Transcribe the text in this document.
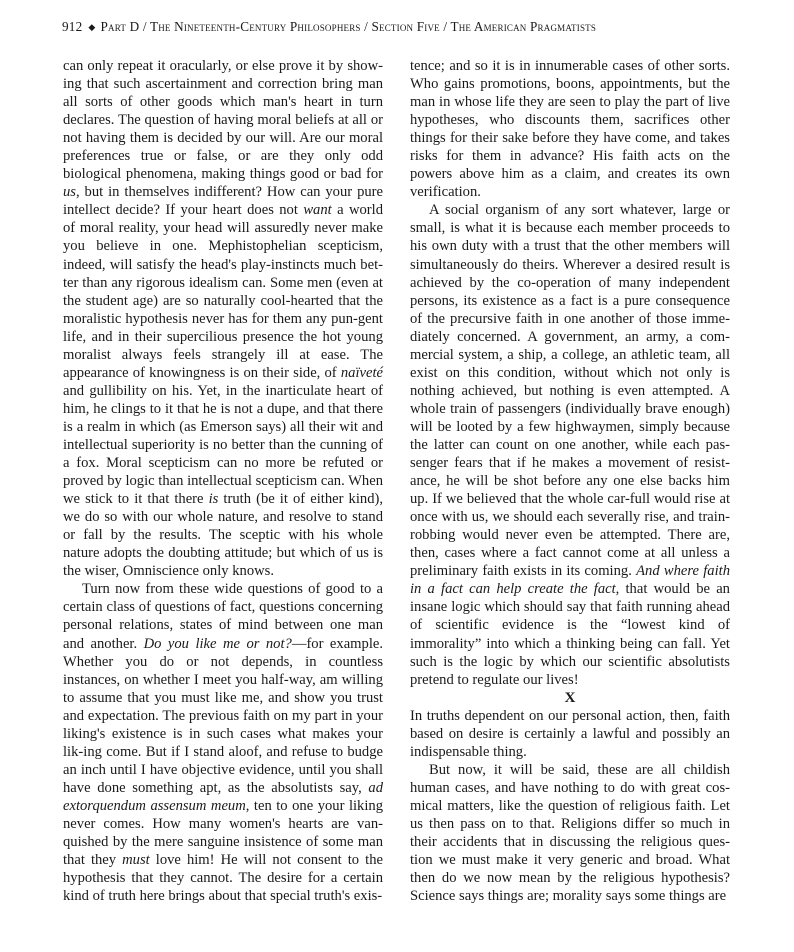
912 ◆ Part D / The Nineteenth-Century Philosophers / Section Five / The American Pragmatists

can only repeat it oracularly, or else prove it by show-ing that such ascertainment and correction bring man all sorts of other goods which man's heart in turn declares. The question of having moral beliefs at all or not having them is decided by our will. Are our moral preferences true or false, or are they only odd biological phenomena, making things good or bad for us, but in themselves indifferent? How can your pure intellect decide? If your heart does not want a world of moral reality, your head will assuredly never make you believe in one. Mephistophelian scepticism, indeed, will satisfy the head's play-instincts much bet-ter than any rigorous idealism can. Some men (even at the student age) are so naturally cool-hearted that the moralistic hypothesis never has for them any pun-gent life, and in their supercilious presence the hot young moralist always feels strangely ill at ease. The appearance of knowingness is on their side, of naïveté and gullibility on his. Yet, in the inarticulate heart of him, he clings to it that he is not a dupe, and that there is a realm in which (as Emerson says) all their wit and intellectual superiority is no better than the cunning of a fox. Moral scepticism can no more be refuted or proved by logic than intellectual scepticism can. When we stick to it that there is truth (be it of either kind), we do so with our whole nature, and resolve to stand or fall by the results. The sceptic with his whole nature adopts the doubting attitude; but which of us is the wiser, Omniscience only knows.

Turn now from these wide questions of good to a certain class of questions of fact, questions concerning personal relations, states of mind between one man and another. Do you like me or not?—for example. Whether you do or not depends, in countless instances, on whether I meet you half-way, am willing to assume that you must like me, and show you trust and expectation. The previous faith on my part in your liking's existence is in such cases what makes your lik-ing come. But if I stand aloof, and refuse to budge an inch until I have objective evidence, until you shall have done something apt, as the absolutists say, ad extorquendum assensum meum, ten to one your liking never comes. How many women's hearts are van-quished by the mere sanguine insistence of some man that they must love him! He will not consent to the hypothesis that they cannot. The desire for a certain kind of truth here brings about that special truth's exis-

tence; and so it is in innumerable cases of other sorts. Who gains promotions, boons, appointments, but the man in whose life they are seen to play the part of live hypotheses, who discounts them, sacrifices other things for their sake before they have come, and takes risks for them in advance? His faith acts on the powers above him as a claim, and creates its own verification.

A social organism of any sort whatever, large or small, is what it is because each member proceeds to his own duty with a trust that the other members will simultaneously do theirs. Wherever a desired result is achieved by the co-operation of many independent persons, its existence as a fact is a pure consequence of the precursive faith in one another of those imme-diately concerned. A government, an army, a com-mercial system, a ship, a college, an athletic team, all exist on this condition, without which not only is nothing achieved, but nothing is even attempted. A whole train of passengers (individually brave enough) will be looted by a few highwaymen, simply because the latter can count on one another, while each pas-senger fears that if he makes a movement of resist-ance, he will be shot before any one else backs him up. If we believed that the whole car-full would rise at once with us, we should each severally rise, and train-robbing would never even be attempted. There are, then, cases where a fact cannot come at all unless a preliminary faith exists in its coming. And where faith in a fact can help create the fact, that would be an insane logic which should say that faith running ahead of scientific evidence is the “lowest kind of immorality” into which a thinking being can fall. Yet such is the logic by which our scientific absolutists pretend to regulate our lives!

X

In truths dependent on our personal action, then, faith based on desire is certainly a lawful and possibly an indispensable thing.

But now, it will be said, these are all childish human cases, and have nothing to do with great cos-mical matters, like the question of religious faith. Let us then pass on to that. Religions differ so much in their accidents that in discussing the religious ques-tion we must make it very generic and broad. What then do we now mean by the religious hypothesis? Science says things are; morality says some things are
